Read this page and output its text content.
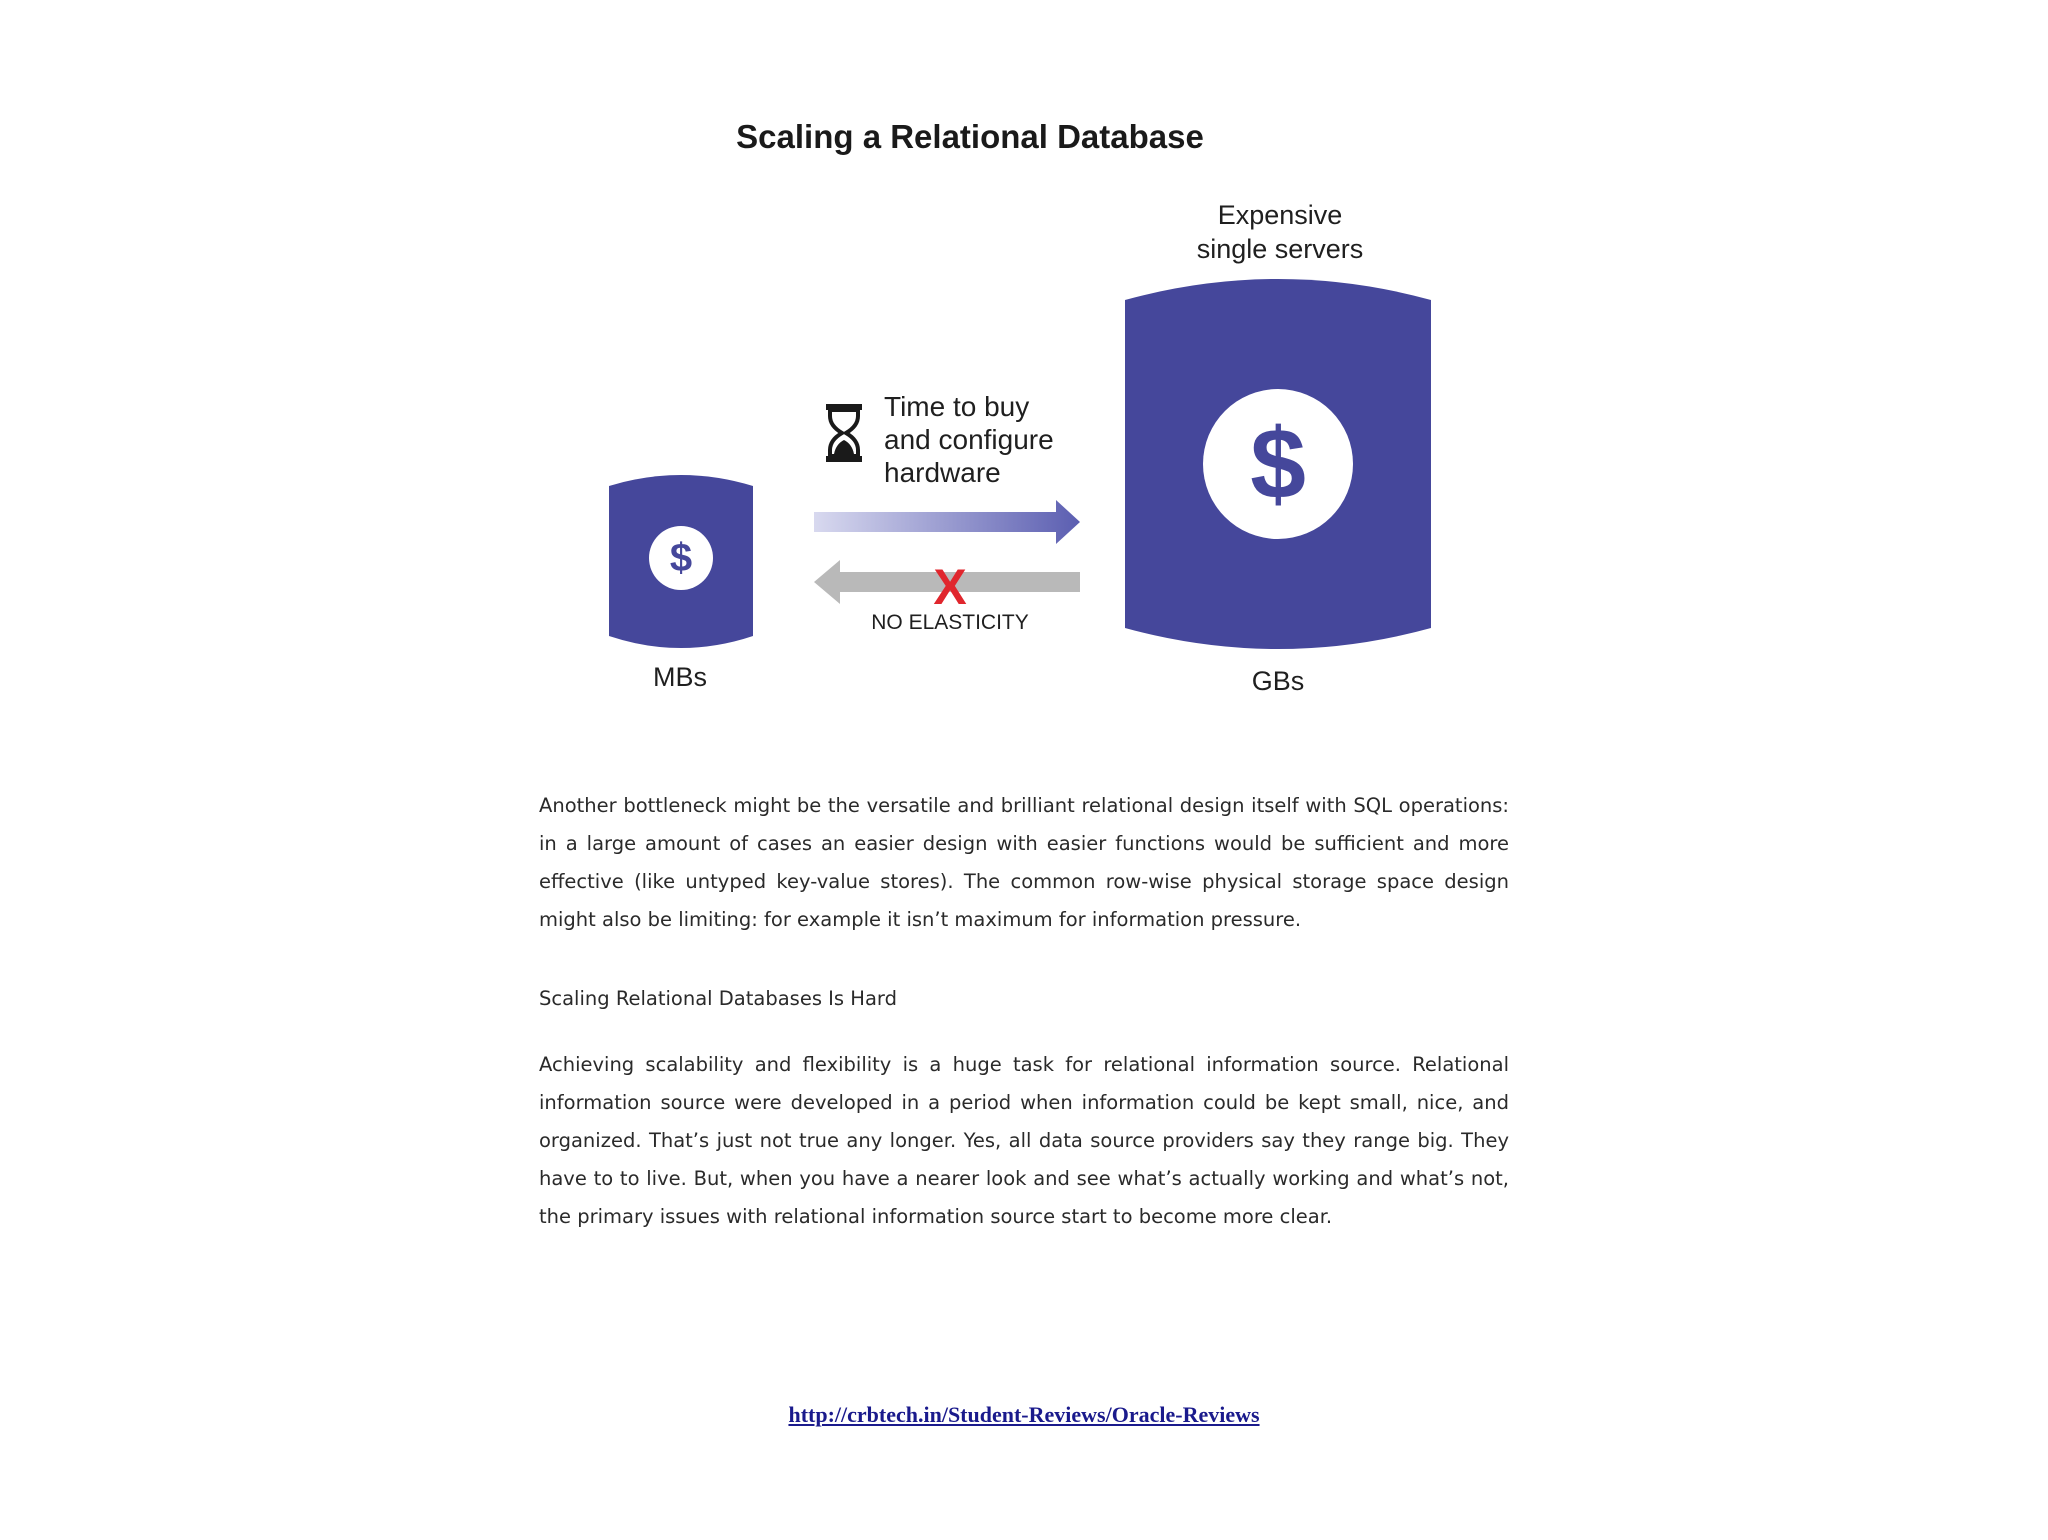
Scaling a Relational Database
Expensive
single servers
$
MBs
Time to buy
and configure
hardware
X
NO ELASTICITY
$
GBs
Another bottleneck might be the versatile and brilliant relational design itself with SQL operations: in a large amount of cases an easier design with easier functions would be sufficient and more effective (like untyped key-value stores). The common row-wise physical storage space design might also be limiting: for example it isn’t maximum for information pressure.
Scaling Relational Databases Is Hard
Achieving scalability and flexibility is a huge task for relational information source. Relational information source were developed in a period when information could be kept small, nice, and organized. That’s just not true any longer. Yes, all data source providers say they range big. They have to to live. But, when you have a nearer look and see what’s actually working and what’s not, the primary issues with relational information source start to become more clear.
http://crbtech.in/Student-Reviews/Oracle-Reviews
